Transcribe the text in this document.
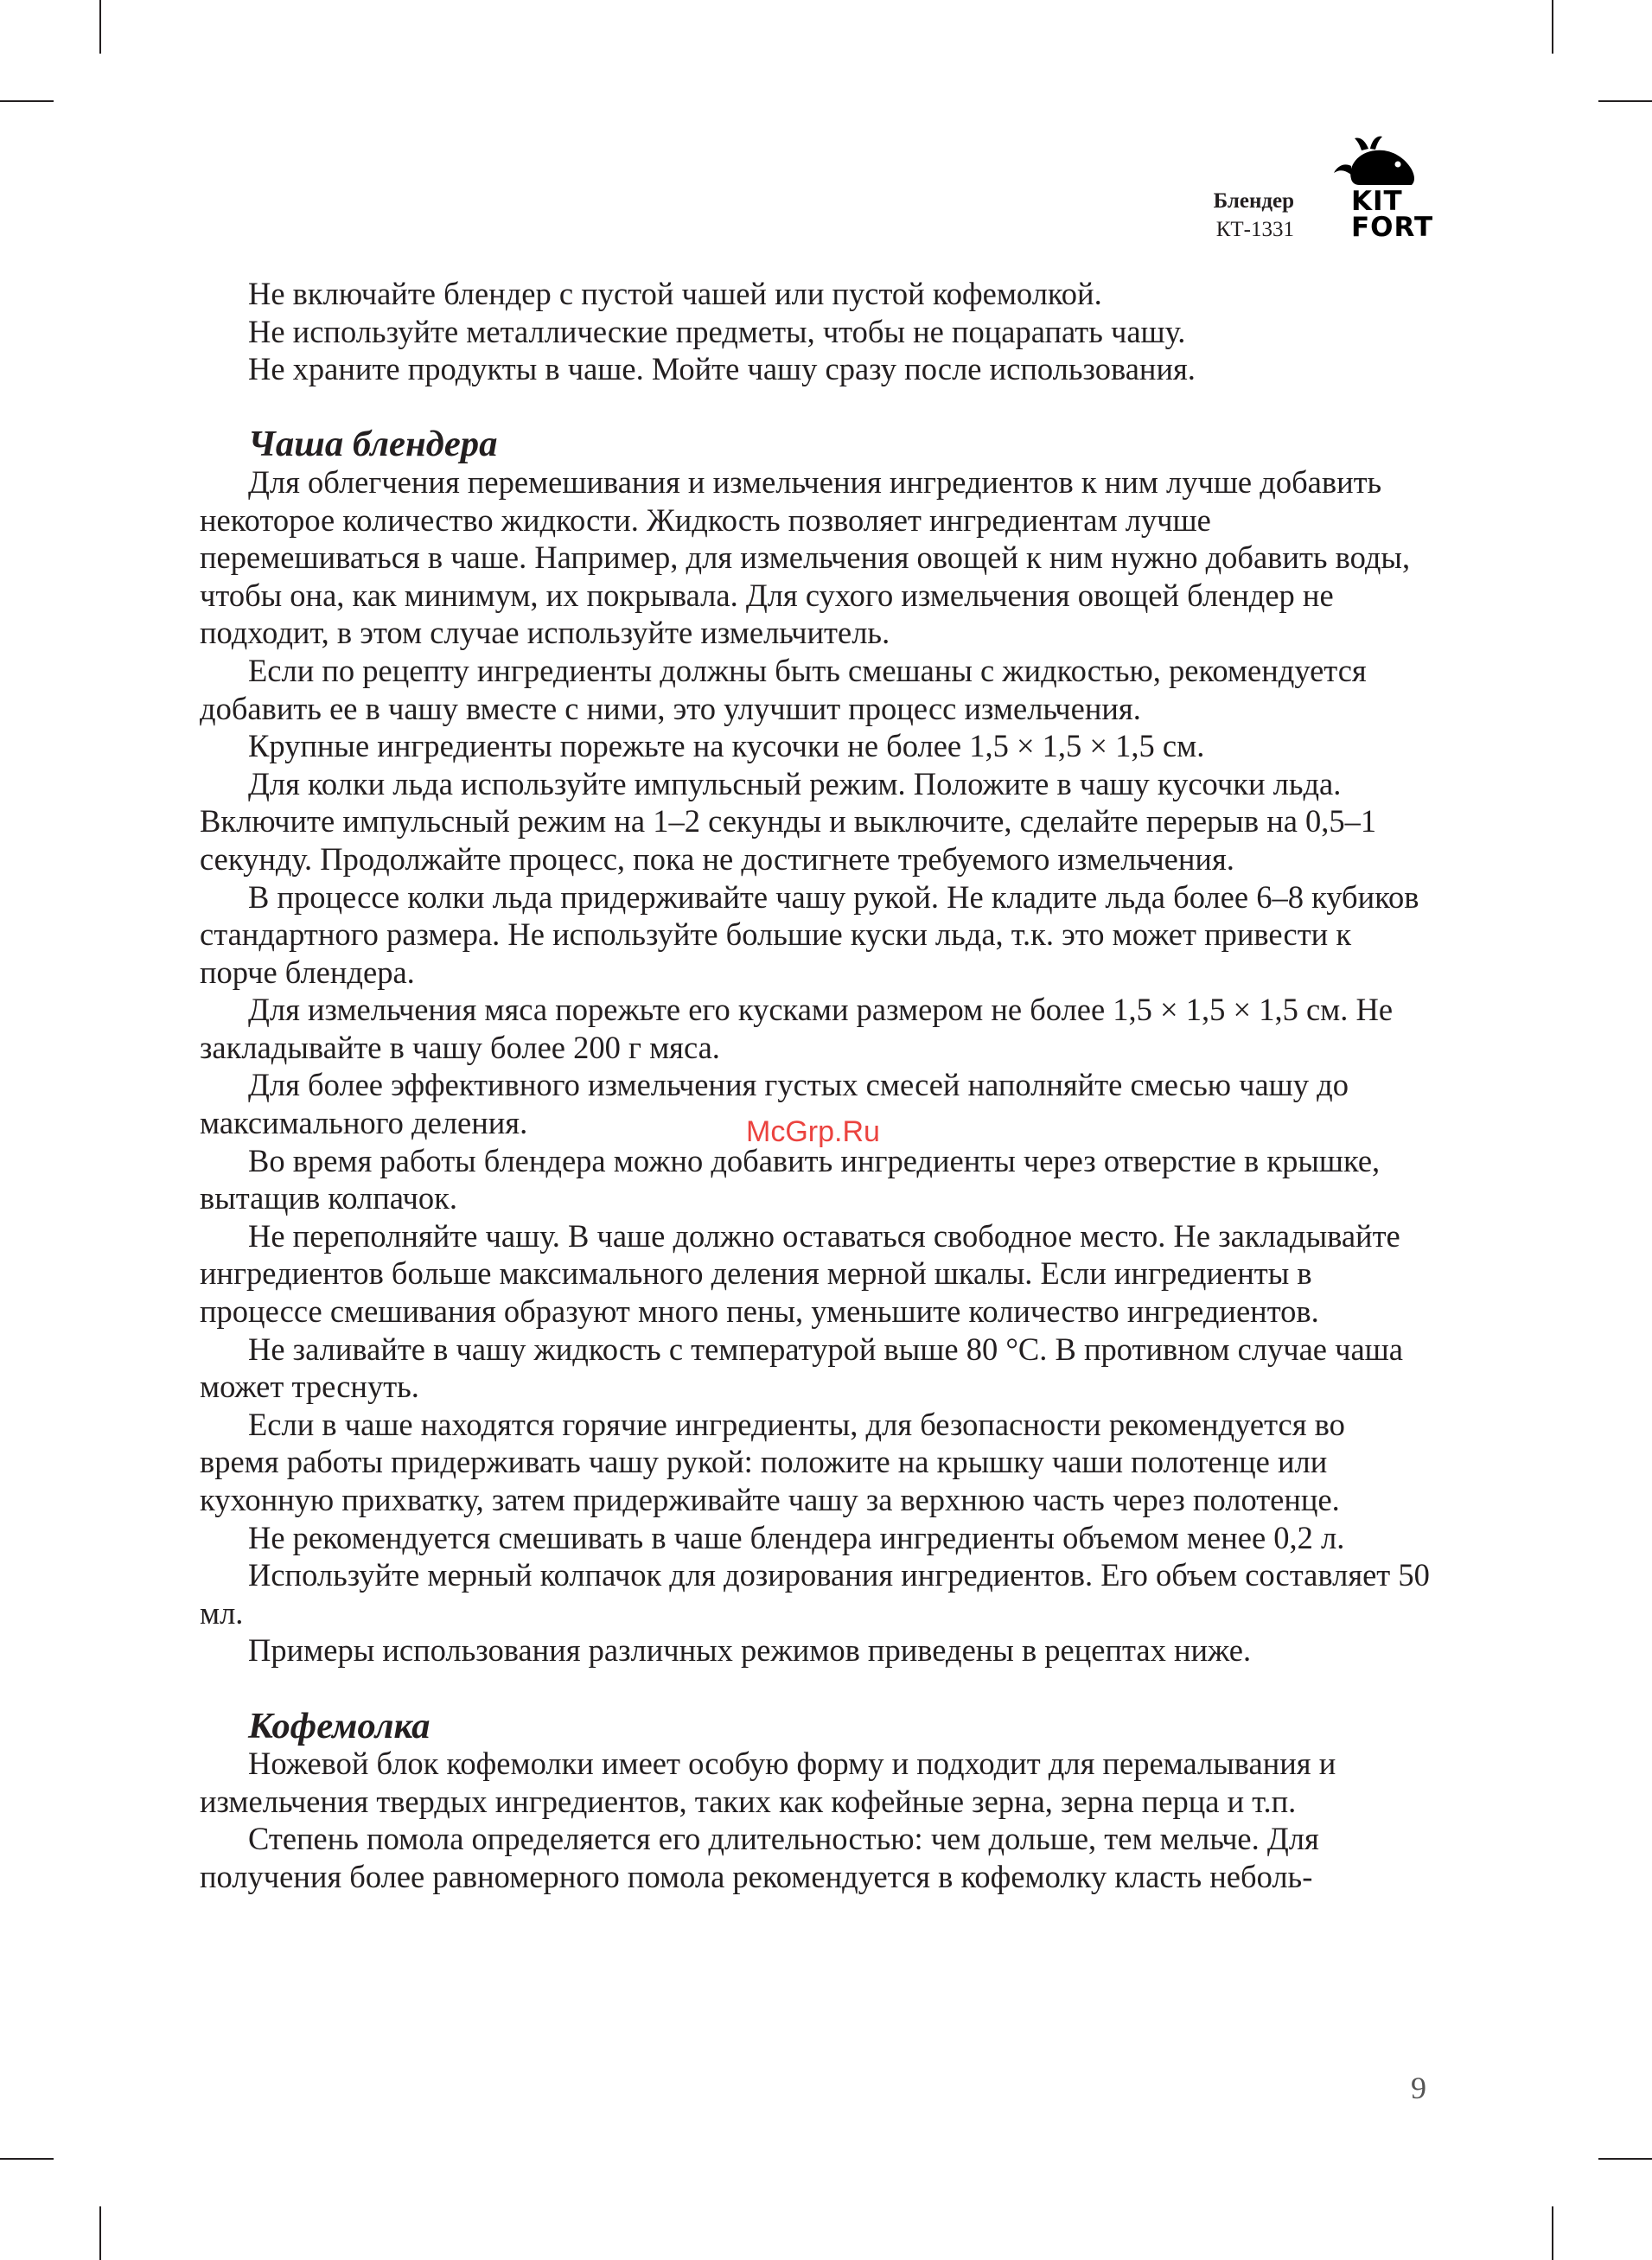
Блендер
КТ-1331
KIT
FORT

Не включайте блендер с пустой чашей или пустой кофемолкой.

Не используйте металлические предметы, чтобы не поцарапать чашу.

Не храните продукты в чаше. Мойте чашу сразу после использования.

Чаша блендера

Для облегчения перемешивания и измельчения ингредиентов к ним лучше добавить некоторое количество жидкости. Жидкость позволяет ингредиентам лучше перемешиваться в чаше. Например, для измельчения овощей к ним нужно добавить воды, чтобы она, как минимум, их покрывала. Для сухого измельчения овощей блендер не подходит, в этом случае используйте измельчитель.

Если по рецепту ингредиенты должны быть смешаны с жидкостью, рекомендуется добавить ее в чашу вместе с ними, это улучшит процесс измельчения.

Крупные ингредиенты порежьте на кусочки не более 1,5 × 1,5 × 1,5 см.

Для колки льда используйте импульсный режим. Положите в чашу кусочки льда. Включите импульсный режим на 1–2 секунды и выключите, сделайте перерыв на 0,5–1 секунду. Продолжайте процесс, пока не достигнете требуемого измельчения.

В процессе колки льда придерживайте чашу рукой. Не кладите льда более 6–8 кубиков стандартного размера. Не используйте большие куски льда, т.к. это может привести к порче блендера.

Для измельчения мяса порежьте его кусками размером не более 1,5 × 1,5 × 1,5 см. Не закладывайте в чашу более 200 г мяса.

Для более эффективного измельчения густых смесей наполняйте смесью чашу до максимального деления.

Во время работы блендера можно добавить ингредиенты через отверстие в крышке, вытащив колпачок.

Не переполняйте чашу. В чаше должно оставаться свободное место. Не закладывайте ингредиентов больше максимального деления мерной шкалы. Если ингредиенты в процессе смешивания образуют много пены, уменьшите количество ингредиентов.

Не заливайте в чашу жидкость с температурой выше 80 °С. В противном случае чаша может треснуть.

Если в чаше находятся горячие ингредиенты, для безопасности рекомендуется во время работы придерживать чашу рукой: положите на крышку чаши полотенце или кухонную прихватку, затем придерживайте чашу за верхнюю часть через полотенце.

Не рекомендуется смешивать в чаше блендера ингредиенты объемом менее 0,2 л.

Используйте мерный колпачок для дозирования ингредиентов. Его объем составляет 50 мл.

Примеры использования различных режимов приведены в рецептах ниже.

Кофемолка

Ножевой блок кофемолки имеет особую форму и подходит для перемалывания и измельчения твердых ингредиентов, таких как кофейные зерна, зерна перца и т.п.

Степень помола определяется его длительностью: чем дольше, тем мельче. Для получения более равномерного помола рекомендуется в кофемолку класть неболь-

McGrp.Ru
9
